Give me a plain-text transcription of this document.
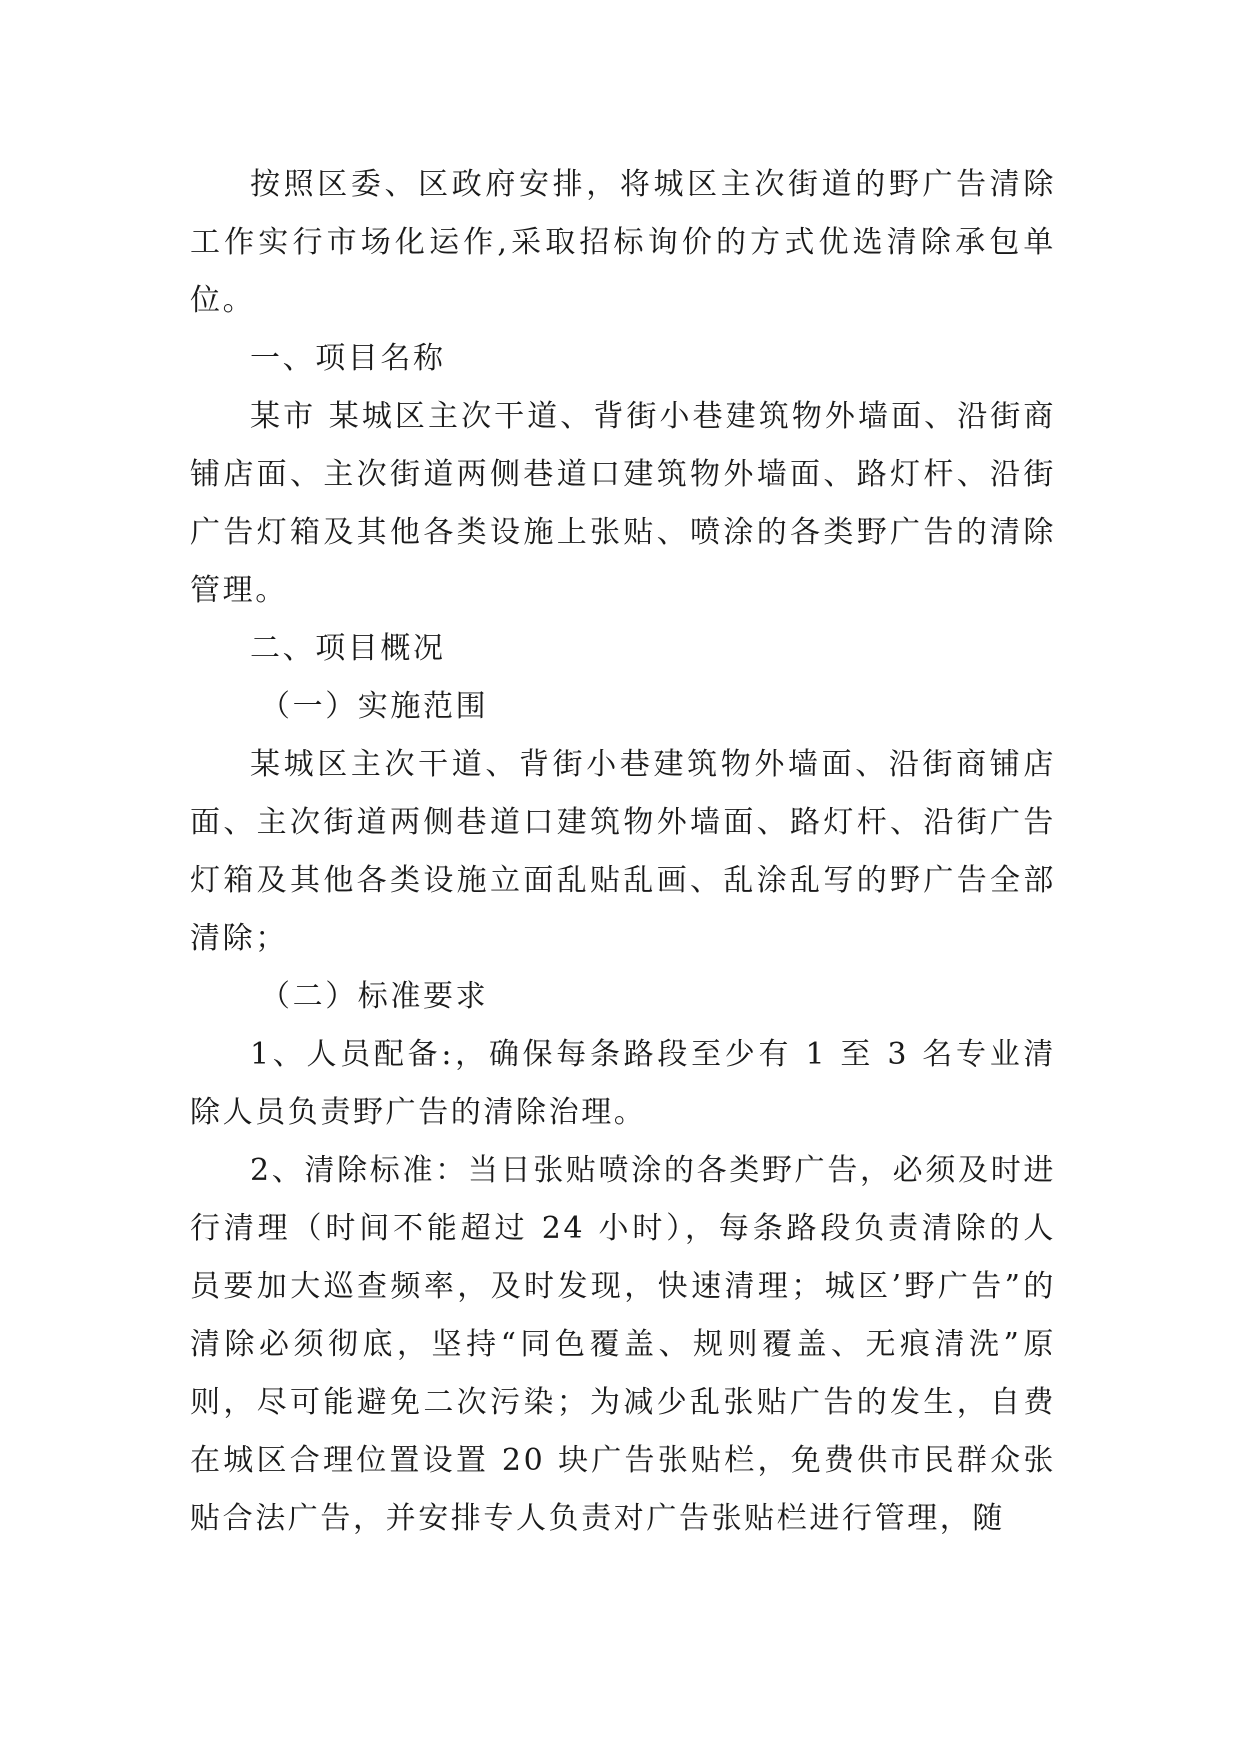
按照区委、区政府安排，将城区主次街道的野广告清除工作实行市场化运作,采取招标询价的方式优选清除承包单位。

一、项目名称

某市 某城区主次干道、背街小巷建筑物外墙面、沿街商铺店面、主次街道两侧巷道口建筑物外墙面、路灯杆、沿街广告灯箱及其他各类设施上张贴、喷涂的各类野广告的清除管理。

二、项目概况

（一）实施范围

某城区主次干道、背街小巷建筑物外墙面、沿街商铺店面、主次街道两侧巷道口建筑物外墙面、路灯杆、沿街广告灯箱及其他各类设施立面乱贴乱画、乱涂乱写的野广告全部清除；

（二）标准要求

1、人员配备:，确保每条路段至少有 1 至 3 名专业清除人员负责野广告的清除治理。

2、清除标准：当日张贴喷涂的各类野广告，必须及时进行清理（时间不能超过 24 小时），每条路段负责清除的人员要加大巡查频率，及时发现，快速清理；城区’野广告”的清除必须彻底，坚持“同色覆盖、规则覆盖、无痕清洗”原则，尽可能避免二次污染；为减少乱张贴广告的发生，自费在城区合理位置设置 20 块广告张贴栏，免费供市民群众张贴合法广告，并安排专人负责对广告张贴栏进行管理，随
